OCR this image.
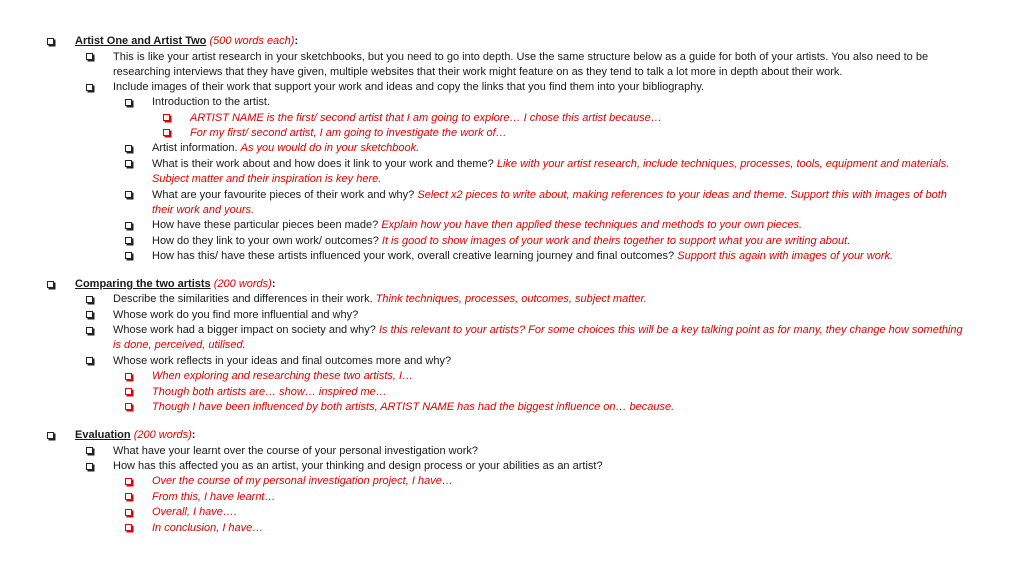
Artist One and Artist Two (500 words each):
This is like your artist research in your sketchbooks, but you need to go into depth. Use the same structure below as a guide for both of your artists. You also need to be
researching interviews that they have given, multiple websites that their work might feature on as they tend to talk a lot more in depth about their work.
Include images of their work that support your work and ideas and copy the links that you find them into your bibliography.
Introduction to the artist.
ARTIST NAME is the first/ second artist that I am going to explore… I chose this artist because…
For my first/ second artist, I am going to investigate the work of…
Artist information. As you would do in your sketchbook.
What is their work about and how does it link to your work and theme? Like with your artist research, include techniques, processes, tools, equipment and materials.
Subject matter and their inspiration is key here.
What are your favourite pieces of their work and why? Select x2 pieces to write about, making references to your ideas and theme. Support this with images of both
their work and yours.
How have these particular pieces been made? Explain how you have then applied these techniques and methods to your own pieces.
How do they link to your own work/ outcomes? It is good to show images of your work and theirs together to support what you are writing about.
How has this/ have these artists influenced your work, overall creative learning journey and final outcomes? Support this again with images of your work.
Comparing the two artists (200 words):
Describe the similarities and differences in their work. Think techniques, processes, outcomes, subject matter.
Whose work do you find more influential and why?
Whose work had a bigger impact on society and why? Is this relevant to your artists? For some choices this will be a key talking point as for many, they change how something
is done, perceived, utilised.
Whose work reflects in your ideas and final outcomes more and why?
When exploring and researching these two artists, I…
Though both artists are… show… inspired me…
Though I have been influenced by both artists, ARTIST NAME has had the biggest influence on… because.
Evaluation (200 words):
What have your learnt over the course of your personal investigation work?
How has this affected you as an artist, your thinking and design process or your abilities as an artist?
Over the course of my personal investigation project, I have…
From this, I have learnt…
Overall, I have….
In conclusion, I have…
